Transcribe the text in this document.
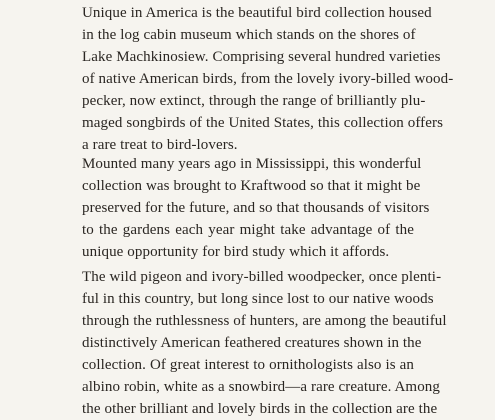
Unique in America is the beautiful bird collection housed
in the log cabin museum which stands on the shores of
Lake Machkinosiew. Comprising several hundred varieties
of native American birds, from the lovely ivory-billed wood-
pecker, now extinct, through the range of brilliantly plu-
maged songbirds of the United States, this collection offers
a rare treat to bird-lovers.

Mounted many years ago in Mississippi, this wonderful
collection was brought to Kraftwood so that it might be
preserved for the future, and so that thousands of visitors
to the gardens each year might take advantage of the
unique opportunity for bird study which it affords.

The wild pigeon and ivory-billed woodpecker, once plenti-
ful in this country, but long since lost to our native woods
through the ruthlessness of hunters, are among the beautiful
distinctively American feathered creatures shown in the
collection. Of great interest to ornithologists also is an
albino robin, white as a snowbird—a rare creature. Among
the other brilliant and lovely birds in the collection are the
